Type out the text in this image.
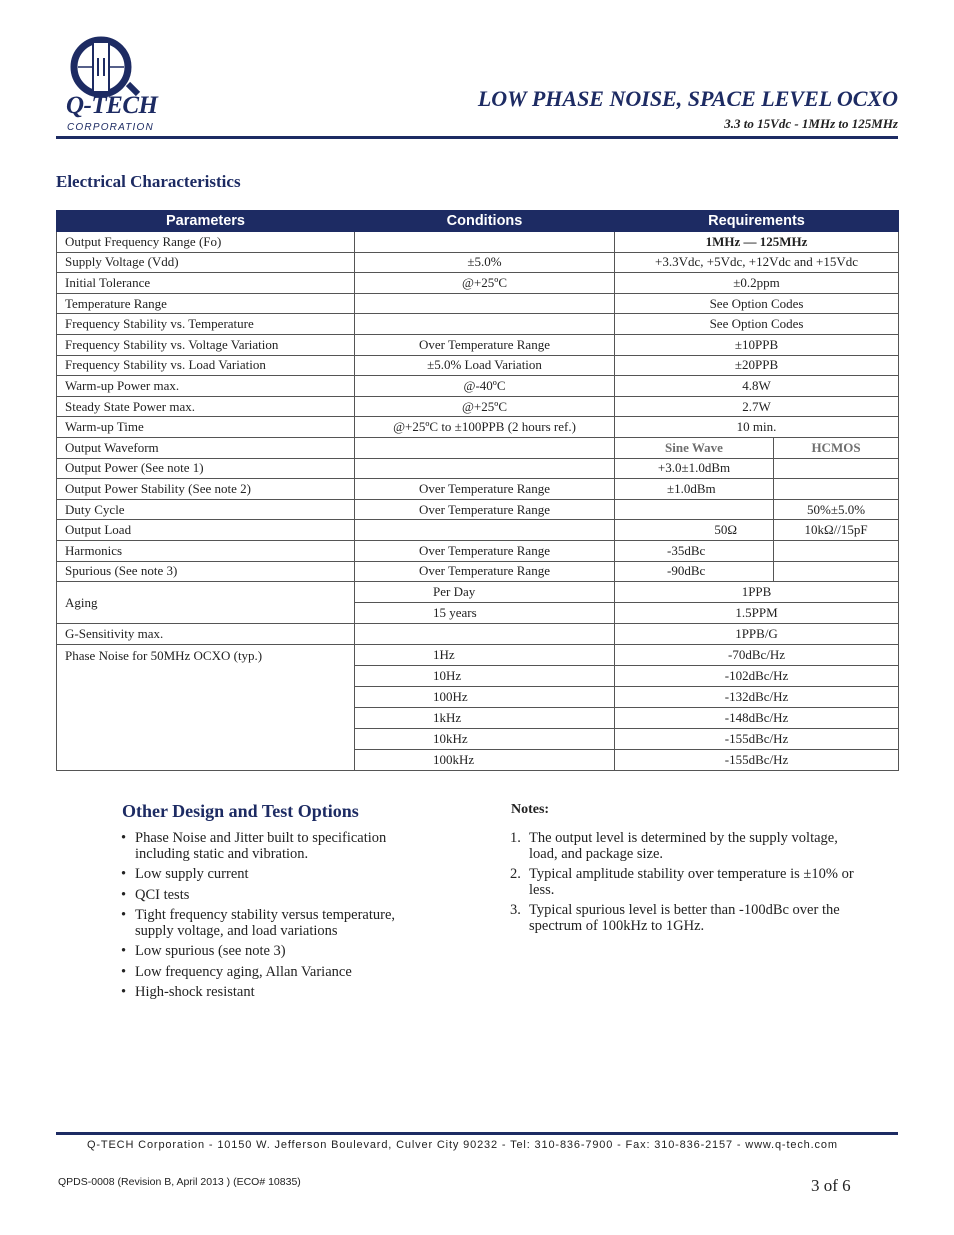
Q-TECH
CORPORATION
LOW PHASE NOISE, SPACE LEVEL OCXO
3.3 to 15Vdc - 1MHz to 125MHz
Electrical Characteristics
Parameters	Conditions	Requirements	
Output Frequency Range (Fo)		1MHz — 125MHz	
Supply Voltage (Vdd)	±5.0%	+3.3Vdc, +5Vdc, +12Vdc and +15Vdc	
Initial Tolerance	@+25ºC	±0.2ppm	
Temperature Range		See Option Codes	
Frequency Stability vs. Temperature		See Option Codes	
Frequency Stability vs. Voltage Variation	Over Temperature Range	±10PPB	
Frequency Stability vs. Load Variation	±5.0% Load Variation	±20PPB	
Warm-up Power max.	@-40ºC	4.8W	
Steady State Power max.	@+25ºC	2.7W	
Warm-up Time	@+25ºC to ±100PPB (2 hours ref.)	10 min.	
Output Waveform		Sine Wave	HCMOS
Output Power (See note 1)		+3.0±1.0dBm	
Output Power Stability (See note 2)	Over Temperature Range	±1.0dBm	
Duty Cycle	Over Temperature Range		50%±5.0%
Output Load		50Ω	10kΩ//15pF
Harmonics	Over Temperature Range	-35dBc	
Spurious (See note 3)	Over Temperature Range	-90dBc	
Aging	Per Day	1PPB	
	15 years	1.5PPM	
G-Sensitivity max.		1PPB/G	
Phase Noise for 50MHz OCXO (typ.)	1Hz	-70dBc/Hz	
	10Hz	-102dBc/Hz	
	100Hz	-132dBc/Hz	
	1kHz	-148dBc/Hz	
	10kHz	-155dBc/Hz	
	100kHz	-155dBc/Hz	
Other Design and Test Options
• Phase Noise and Jitter built to specification including static and vibration.
• Low supply current
• QCI tests
• Tight frequency stability versus temperature, supply voltage, and load variations
• Low spurious (see note 3)
• Low frequency aging, Allan Variance
• High-shock resistant
Notes:
1. The output level is determined by the supply voltage, load, and package size.
2. Typical amplitude stability over temperature is ±10% or less.
3. Typical spurious level is better than -100dBc over the spectrum of 100kHz to 1GHz.
Q-TECH Corporation - 10150 W. Jefferson Boulevard, Culver City 90232 - Tel: 310-836-7900 - Fax: 310-836-2157 - www.q-tech.com
QPDS-0008 (Revision B, April 2013 ) (ECO# 10835)	3 of 6
